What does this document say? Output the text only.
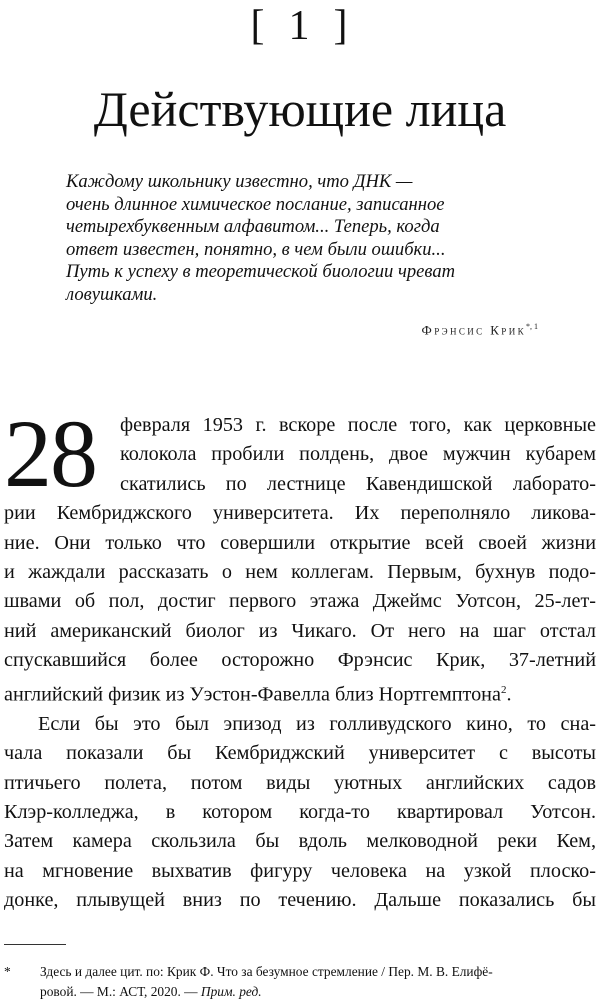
[ 1 ]
Действующие лица
Каждому школьнику известно, что ДНК —
очень длинное химическое послание, записанное
четырехбуквенным алфавитом... Теперь, когда
ответ известен, понятно, в чем были ошибки...
Путь к успеху в теоретической биологии чреват
ловушками.
Фрэнсис Крик$^{*, 1}$
28 февраля 1953 г. вскоре после того, как церковные
колокола пробили полдень, двое мужчин кубарем
скатились по лестнице Кавендишской лаборато-
рии Кембриджского университета. Их переполняло ликова-
ние. Они только что совершили открытие всей своей жизни
и жаждали рассказать о нем коллегам. Первым, бухнув подо-
швами об пол, достиг первого этажа Джеймс Уотсон, 25-лет-
ний американский биолог из Чикаго. От него на шаг отстал
спускавшийся более осторожно Фрэнсис Крик, 37-летний
английский физик из Уэстон-Фавелла близ Нортгемптона$^2$.
Если бы это был эпизод из голливудского кино, то сна-
чала показали бы Кембриджский университет с высоты
птичьего полета, потом виды уютных английских садов
Клэр-колледжа, в котором когда-то квартировал Уотсон.
Затем камера скользила бы вдоль мелководной реки Кем,
на мгновение выхватив фигуру человека на узкой плоско-
донке, плывущей вниз по течению. Дальше показались бы
* Здесь и далее цит. по: Крик Ф. Что за безумное стремление / Пер. М. В. Елифё-
ровой. — М.: АСТ, 2020. — Прим. ред.
